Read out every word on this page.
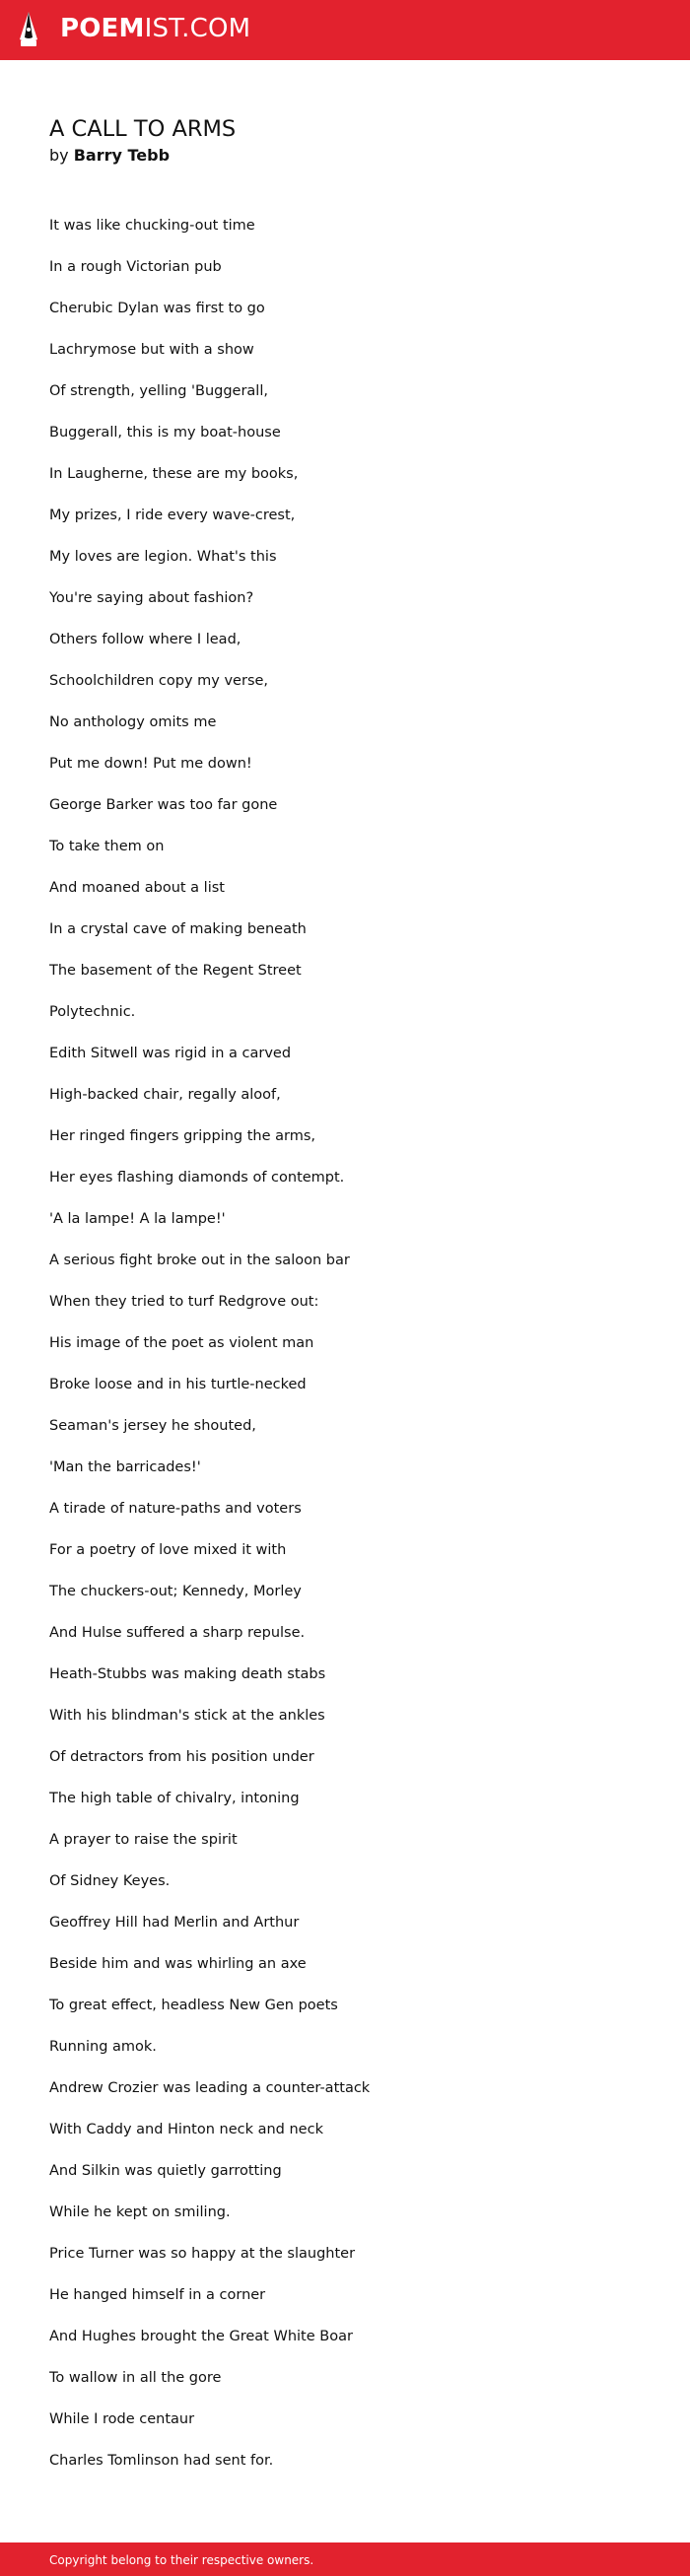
POEMIST.COM
A CALL TO ARMS
by Barry Tebb
It was like chucking-out time
In a rough Victorian pub
Cherubic Dylan was first to go
Lachrymose but with a show
Of strength, yelling 'Buggerall,
Buggerall, this is my boat-house
In Laugherne, these are my books,
My prizes, I ride every wave-crest,
My loves are legion. What's this
You're saying about fashion?
Others follow where I lead,
Schoolchildren copy my verse,
No anthology omits me
Put me down! Put me down!
George Barker was too far gone
To take them on
And moaned about a list
In a crystal cave of making beneath
The basement of the Regent Street
Polytechnic.
Edith Sitwell was rigid in a carved
High-backed chair, regally aloof,
Her ringed fingers gripping the arms,
Her eyes flashing diamonds of contempt.
'A la lampe! A la lampe!'
A serious fight broke out in the saloon bar
When they tried to turf Redgrove out:
His image of the poet as violent man
Broke loose and in his turtle-necked
Seaman's jersey he shouted,
'Man the barricades!'
A tirade of nature-paths and voters
For a poetry of love mixed it with
The chuckers-out; Kennedy, Morley
And Hulse suffered a sharp repulse.
Heath-Stubbs was making death stabs
With his blindman's stick at the ankles
Of detractors from his position under
The high table of chivalry, intoning
A prayer to raise the spirit
Of Sidney Keyes.
Geoffrey Hill had Merlin and Arthur
Beside him and was whirling an axe
To great effect, headless New Gen poets
Running amok.
Andrew Crozier was leading a counter-attack
With Caddy and Hinton neck and neck
And Silkin was quietly garrotting
While he kept on smiling.
Price Turner was so happy at the slaughter
He hanged himself in a corner
And Hughes brought the Great White Boar
To wallow in all the gore
While I rode centaur
Charles Tomlinson had sent for.
Copyright belong to their respective owners.
